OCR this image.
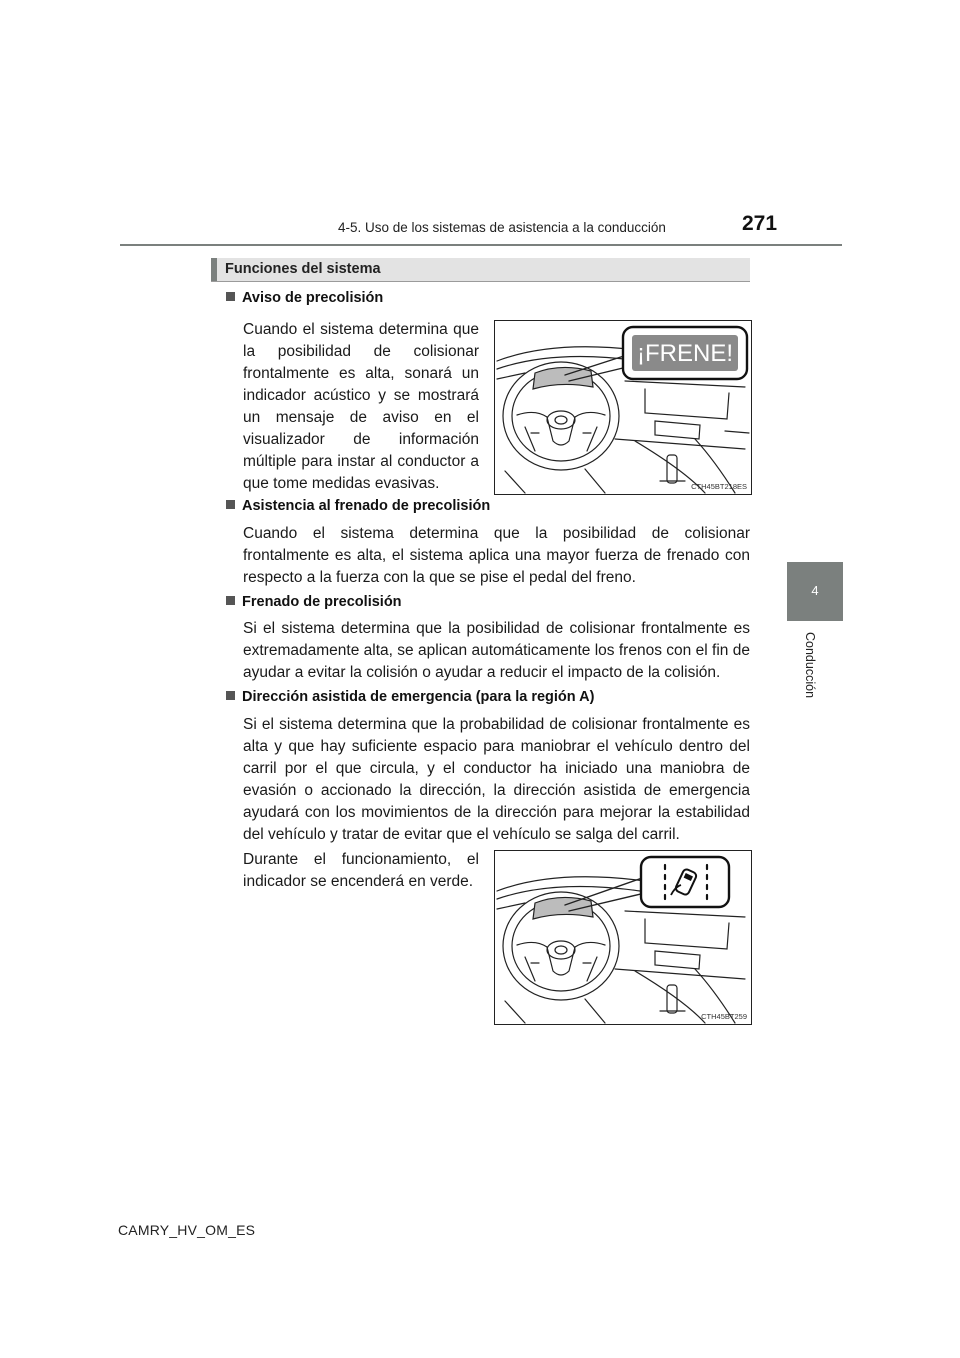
4-5. Uso de los sistemas de asistencia a la conducción	271
4
Conducción
Funciones del sistema
Aviso de precolisión
Cuando el sistema determina que la posibilidad de colisionar frontalmente es alta, sonará un indicador acústico y se mostrará un mensaje de aviso en el visualizador de información múltiple para instar al conductor a que tome medidas evasivas.
¡FRENE!
CTH45BT218ES
Asistencia al frenado de precolisión
Cuando el sistema determina que la posibilidad de colisionar frontalmente es alta, el sistema aplica una mayor fuerza de frenado con respecto a la fuerza con la que se pise el pedal del freno.
Frenado de precolisión
Si el sistema determina que la posibilidad de colisionar frontalmente es extremadamente alta, se aplican automáticamente los frenos con el fin de ayudar a evitar la colisión o ayudar a reducir el impacto de la colisión.
Dirección asistida de emergencia (para la región A)
Si el sistema determina que la probabilidad de colisionar frontalmente es alta y que hay suficiente espacio para maniobrar el vehículo dentro del carril por el que circula, y el conductor ha iniciado una maniobra de evasión o accionado la dirección, la dirección asistida de emergencia ayudará con los movimientos de la dirección para mejorar la estabilidad del vehículo y tratar de evitar que el vehículo se salga del carril.
Durante el funcionamiento, el indicador se encenderá en verde.
CTH45BT259
CAMRY_HV_OM_ES
